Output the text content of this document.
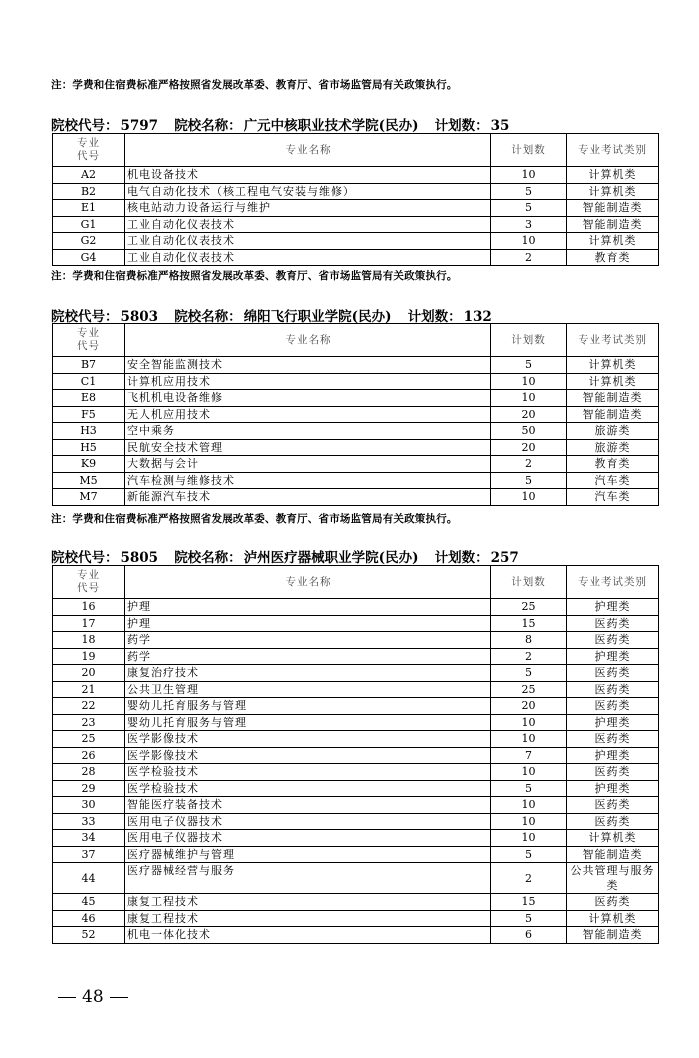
注：学费和住宿费标准严格按照省发展改革委、教育厅、省市场监管局有关政策执行。
院校代号： 5797 院校名称： 广元中核职业技术学院(民办) 计划数： 35
专业
代号	专业名称	计划数	专业考试类别
A2	机电设备技术	10	计算机类
B2	电气自动化技术（核工程电气安装与维修）	5	计算机类
E1	核电站动力设备运行与维护	5	智能制造类
G1	工业自动化仪表技术	3	智能制造类
G2	工业自动化仪表技术	10	计算机类
G4	工业自动化仪表技术	2	教育类
注：学费和住宿费标准严格按照省发展改革委、教育厅、省市场监管局有关政策执行。
院校代号： 5803 院校名称： 绵阳飞行职业学院(民办) 计划数： 132
专业
代号	专业名称	计划数	专业考试类别
B7	安全智能监测技术	5	计算机类
C1	计算机应用技术	10	计算机类
E8	飞机机电设备维修	10	智能制造类
F5	无人机应用技术	20	智能制造类
H3	空中乘务	50	旅游类
H5	民航安全技术管理	20	旅游类
K9	大数据与会计	2	教育类
M5	汽车检测与维修技术	5	汽车类
M7	新能源汽车技术	10	汽车类
注：学费和住宿费标准严格按照省发展改革委、教育厅、省市场监管局有关政策执行。
院校代号： 5805 院校名称： 泸州医疗器械职业学院(民办) 计划数： 257
专业
代号	专业名称	计划数	专业考试类别
16	护理	25	护理类
17	护理	15	医药类
18	药学	8	医药类
19	药学	2	护理类
20	康复治疗技术	5	医药类
21	公共卫生管理	25	医药类
22	婴幼儿托育服务与管理	20	医药类
23	婴幼儿托育服务与管理	10	护理类
25	医学影像技术	10	医药类
26	医学影像技术	7	护理类
28	医学检验技术	10	医药类
29	医学检验技术	5	护理类
30	智能医疗装备技术	10	医药类
33	医用电子仪器技术	10	医药类
34	医用电子仪器技术	10	计算机类
37	医疗器械维护与管理	5	智能制造类
44	医疗器械经营与服务	2	公共管理与服务类
45	康复工程技术	15	医药类
46	康复工程技术	5	计算机类
52	机电一体化技术	6	智能制造类
48
